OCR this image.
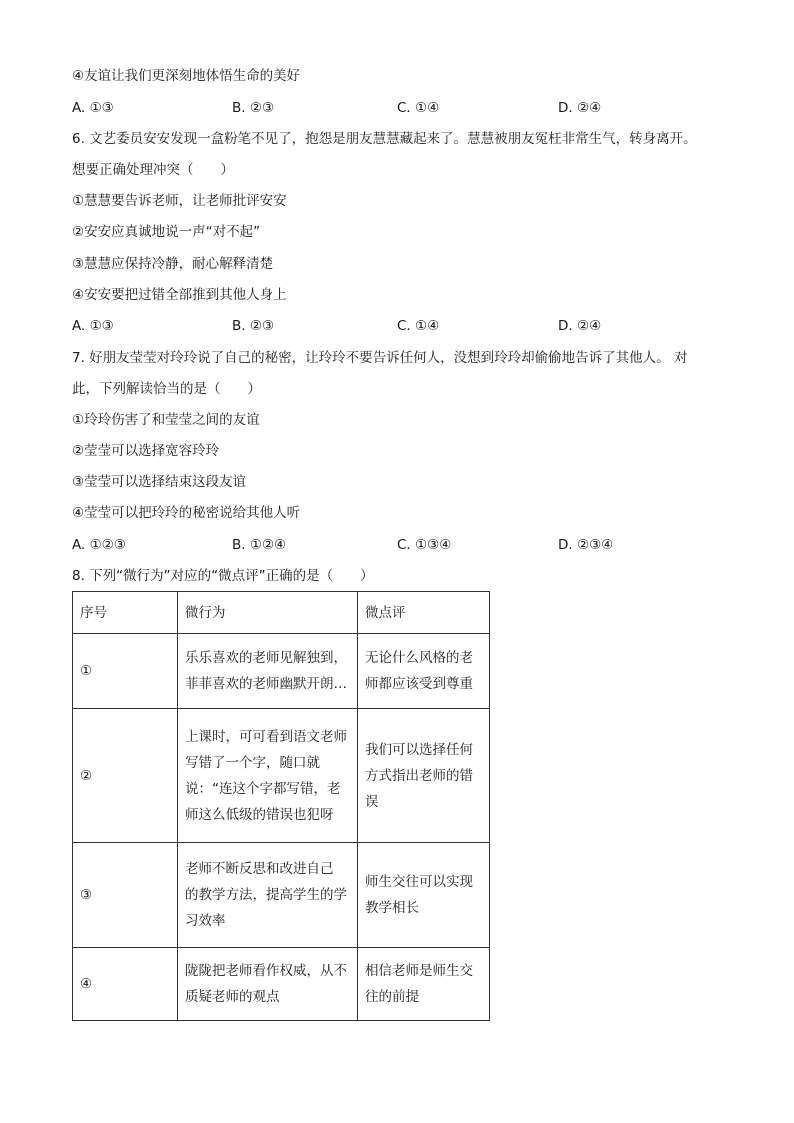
④友谊让我们更深刻地体悟生命的美好
A. ①③	B. ②③	C. ①④	D. ②④
6. 文艺委员安安发现一盒粉笔不见了，抱怨是朋友慧慧藏起来了。慧慧被朋友冤枉非常生气，转身离开。
想要正确处理冲突（　　）
①慧慧要告诉老师，让老师批评安安
②安安应真诚地说一声“对不起”
③慧慧应保持冷静，耐心解释清楚
④安安要把过错全部推到其他人身上
A. ①③	B. ②③	C. ①④	D. ②④
7. 好朋友莹莹对玲玲说了自己的秘密，让玲玲不要告诉任何人，没想到玲玲却偷偷地告诉了其他人。 对
此，下列解读恰当的是（　　）
①玲玲伤害了和莹莹之间的友谊
②莹莹可以选择宽容玲玲
③莹莹可以选择结束这段友谊
④莹莹可以把玲玲的秘密说给其他人听
A. ①②③	B. ①②④	C. ①③④	D. ②③④
8. 下列“微行为”对应的“微点评”正确的是（　　）
序号	微行为	微点评
①	乐乐喜欢的老师见解独到，
菲菲喜欢的老师幽默开朗…	无论什么风格的老
师都应该受到尊重

②	上课时，可可看到语文老师
写错了一个字，随口就
说：“连这个字都写错，老
师这么低级的错误也犯呀	我们可以选择任何
方式指出老师的错
误

③	老师不断反思和改进自己
的教学方法，提高学生的学
习效率	师生交往可以实现
教学相长

④	陇陇把老师看作权威，从不
质疑老师的观点	相信老师是师生交
往的前提
